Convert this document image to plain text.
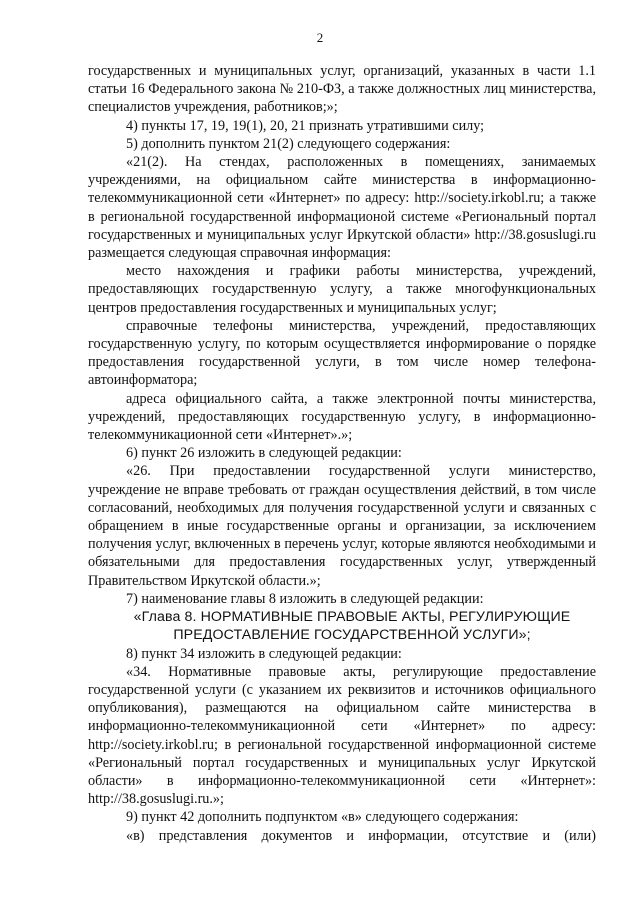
2

государственных и муниципальных услуг, организаций, указанных в части 1.1 статьи 16 Федерального закона № 210-ФЗ, а также должностных лиц министерства, специалистов учреждения, работников;»;

4) пункты 17, 19, 19(1), 20, 21 признать утратившими силу;

5) дополнить пунктом 21(2) следующего содержания:

«21(2). На стендах, расположенных в помещениях, занимаемых учреждениями, на официальном сайте министерства в информационно-телекоммуникационной сети «Интернет» по адресу: http://society.irkobl.ru; а также в региональной государственной информационой системе «Региональный портал государственных и муниципальных услуг Иркутской области» http://38.gosuslugi.ru размещается следующая справочная информация:

место нахождения и графики работы министерства, учреждений, предоставляющих государственную услугу, а также многофункциональных центров предоставления государственных и муниципальных услуг;

справочные телефоны министерства, учреждений, предоставляющих государственную услугу, по которым осуществляется информирование о порядке предоставления государственной услуги, в том числе номер телефона-автоинформатора;

адреса официального сайта, а также электронной почты министерства, учреждений, предоставляющих государственную услугу, в информационно-телекоммуникационной сети «Интернет».»;

6) пункт 26 изложить в следующей редакции:

«26. При предоставлении государственной услуги министерство, учреждение не вправе требовать от граждан осуществления действий, в том числе согласований, необходимых для получения государственной услуги и связанных с обращением в иные государственные органы и организации, за исключением получения услуг, включенных в перечень услуг, которые являются необходимыми и обязательными для предоставления государственных услуг, утвержденный Правительством Иркутской области.»;

7) наименование главы 8 изложить в следующей редакции:

«Глава 8. НОРМАТИВНЫЕ ПРАВОВЫЕ АКТЫ, РЕГУЛИРУЮЩИЕ

ПРЕДОСТАВЛЕНИЕ ГОСУДАРСТВЕННОЙ УСЛУГИ»;

8) пункт 34 изложить в следующей редакции:

«34. Нормативные правовые акты, регулирующие предоставление государственной услуги (с указанием их реквизитов и источников официального опубликования), размещаются на официальном сайте министерства в информационно-телекоммуникационной сети «Интернет» по адресу: http://society.irkobl.ru; в региональной государственной информационной системе «Региональный портал государственных и муниципальных услуг Иркутской области» в информационно-телекоммуникационной сети «Интернет»: http://38.gosuslugi.ru.»;

9) пункт 42 дополнить подпунктом «в» следующего содержания:

«в) представления документов и информации, отсутствие и (или)
